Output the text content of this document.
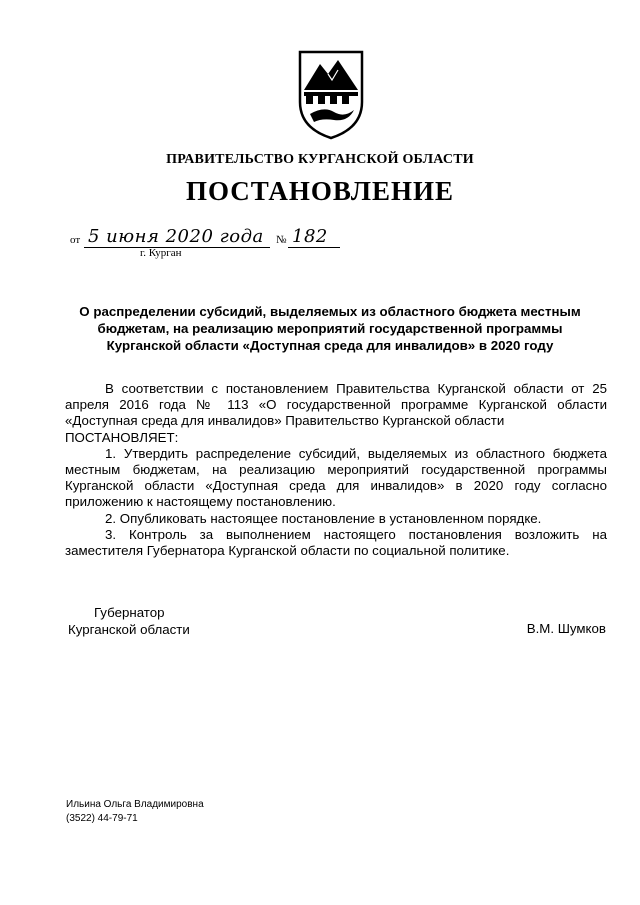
ПРАВИТЕЛЬСТВО КУРГАНСКОЙ ОБЛАСТИ
ПОСТАНОВЛЕНИЕ
от 5 июня 2020 года № 182
г. Курган
О распределении субсидий, выделяемых из областного бюджета местным
бюджетам, на реализацию мероприятий государственной программы
Курганской области «Доступная среда для инвалидов» в 2020 году

В соответствии с постановлением Правительства Курганской области от 25 апреля 2016 года № 113 «О государственной программе Курганской области «Доступная среда для инвалидов» Правительство Курганской области

ПОСТАНОВЛЯЕТ:

1. Утвердить распределение субсидий, выделяемых из областного бюджета местным бюджетам, на реализацию мероприятий государственной программы Курганской области «Доступная среда для инвалидов» в 2020 году согласно приложению к настоящему постановлению.

2. Опубликовать настоящее постановление в установленном порядке.

3. Контроль за выполнением настоящего постановления возложить на заместителя Губернатора Курганской области по социальной политике.

Губернатор
Курганской области	В.М. Шумков
Ильина Ольга Владимировна
(3522) 44-79-71
